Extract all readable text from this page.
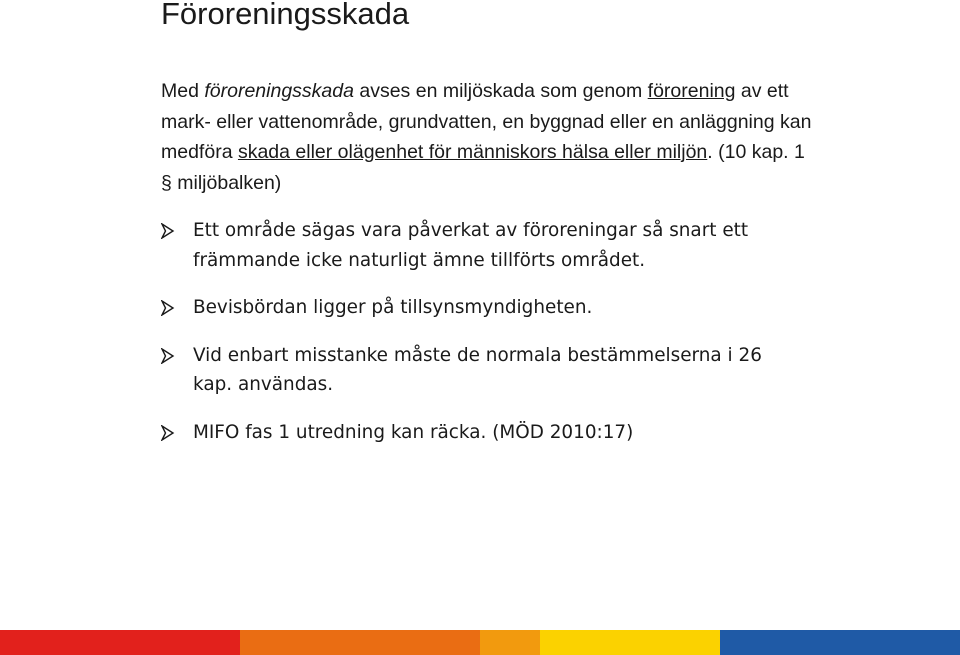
Föroreningsskada

Med föroreningsskada avses en miljöskada som genom förorening av ett mark- eller vattenområde, grundvatten, en byggnad eller en anläggning kan medföra skada eller olägenhet för människors hälsa eller miljön. (10 kap. 1 § miljöbalken)

Ett område sägas vara påverkat av föroreningar så snart ett främmande icke naturligt ämne tillförts området.
Bevisbördan ligger på tillsynsmyndigheten.
Vid enbart misstanke måste de normala bestämmelserna i 26 kap. användas.
MIFO fas 1 utredning kan räcka. (MÖD 2010:17)
